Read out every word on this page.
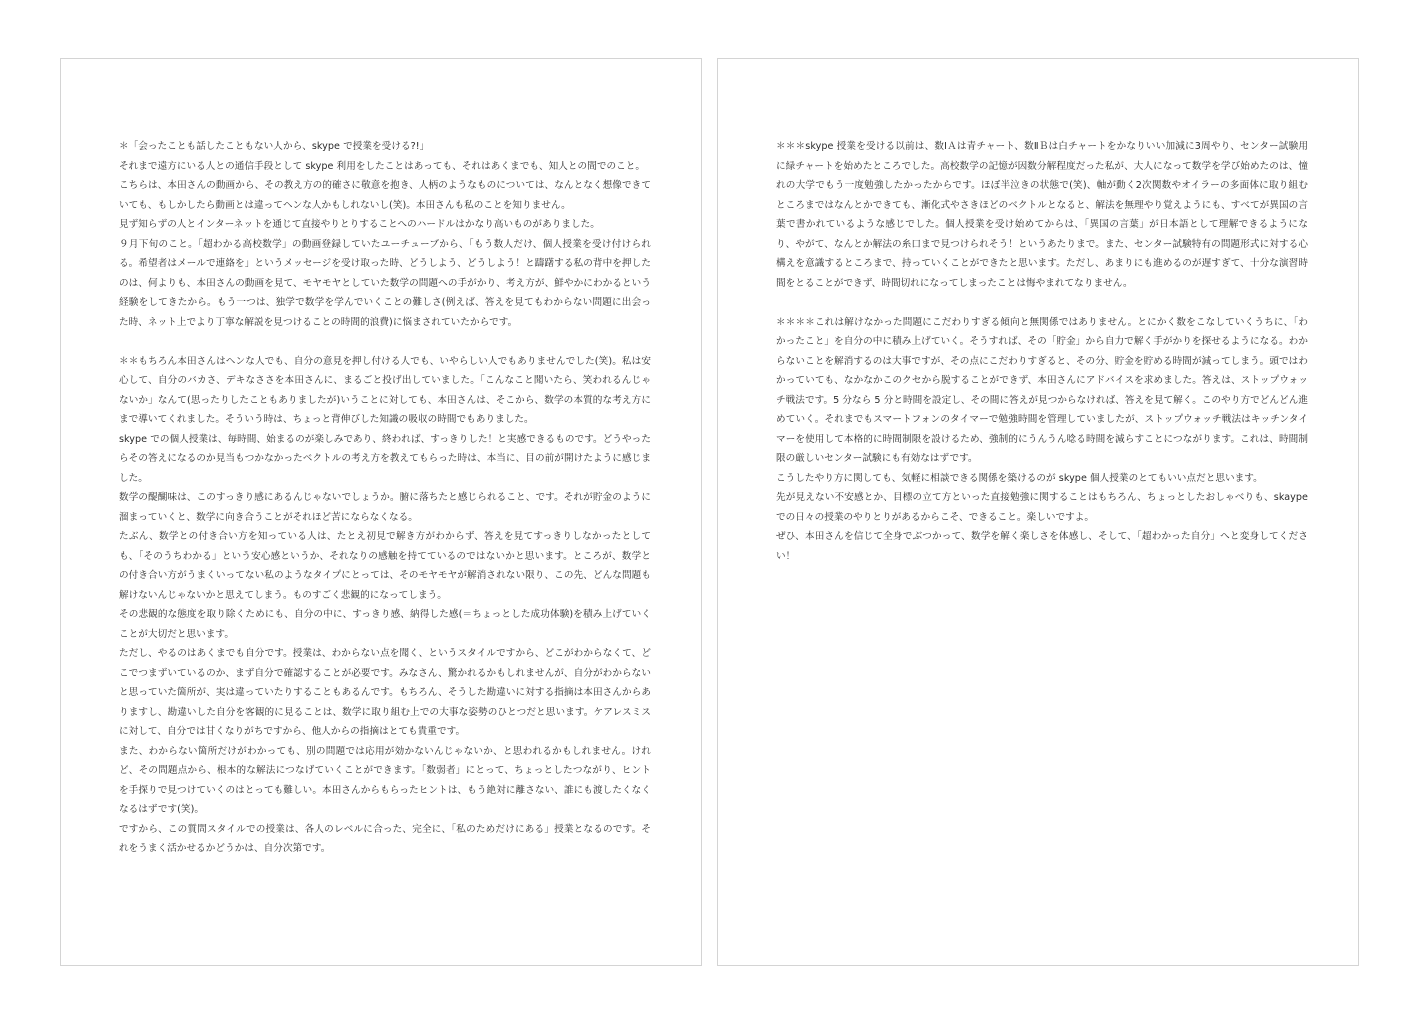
＊「会ったことも話したこともない人から、skype で授業を受ける?!」

それまで遠方にいる人との通信手段として skype 利用をしたことはあっても、それはあくまでも、知人との間でのこと。

こちらは、本田さんの動画から、その教え方の的確さに敬意を抱き、人柄のようなものについては、なんとなく想像できていても、もしかしたら動画とは違ってヘンな人かもしれないし(笑)。本田さんも私のことを知りません。

見ず知らずの人とインターネットを通じて直接やりとりすることへのハードルはかなり高いものがありました。

９月下旬のこと。「超わかる高校数学」の動画登録していたユーチューブから、「もう数人だけ、個人授業を受け付けられる。希望者はメールで連絡を」というメッセージを受け取った時、どうしよう、どうしよう！と躊躇する私の背中を押したのは、何よりも、本田さんの動画を見て、モヤモヤとしていた数学の問題への手がかり、考え方が、鮮やかにわかるという経験をしてきたから。もう一つは、独学で数学を学んでいくことの難しさ(例えば、答えを見てもわからない問題に出会った時、ネット上でより丁寧な解説を見つけることの時間的浪費)に悩まされていたからです。

＊＊もちろん本田さんはヘンな人でも、自分の意見を押し付ける人でも、いやらしい人でもありませんでした(笑)。私は安心して、自分のバカさ、デキなささを本田さんに、まるごと投げ出していました。「こんなこと聞いたら、笑われるんじゃないか」なんて(思ったりしたこともありましたが)いうことに対しても、本田さんは、そこから、数学の本質的な考え方にまで導いてくれました。そういう時は、ちょっと背伸びした知識の吸収の時間でもありました。

skype での個人授業は、毎時間、始まるのが楽しみであり、終われば、すっきりした！と実感できるものです。どうやったらその答えになるのか見当もつかなかったベクトルの考え方を教えてもらった時は、本当に、目の前が開けたように感じました。

数学の醍醐味は、このすっきり感にあるんじゃないでしょうか。腑に落ちたと感じられること、です。それが貯金のように溜まっていくと、数学に向き合うことがそれほど苦にならなくなる。

たぶん、数学との付き合い方を知っている人は、たとえ初見で解き方がわからず、答えを見てすっきりしなかったとしても、「そのうちわかる」という安心感というか、それなりの感触を持てているのではないかと思います。ところが、数学との付き合い方がうまくいってない私のようなタイプにとっては、そのモヤモヤが解消されない限り、この先、どんな問題も解けないんじゃないかと思えてしまう。ものすごく悲観的になってしまう。

その悲観的な態度を取り除くためにも、自分の中に、すっきり感、納得した感(＝ちょっとした成功体験)を積み上げていくことが大切だと思います。

ただし、やるのはあくまでも自分です。授業は、わからない点を聞く、というスタイルですから、どこがわからなくて、どこでつまずいているのか、まず自分で確認することが必要です。みなさん、驚かれるかもしれませんが、自分がわからないと思っていた箇所が、実は違っていたりすることもあるんです。もちろん、そうした勘違いに対する指摘は本田さんからありますし、勘違いした自分を客観的に見ることは、数学に取り組む上での大事な姿勢のひとつだと思います。ケアレスミスに対して、自分では甘くなりがちですから、他人からの指摘はとても貴重です。

また、わからない箇所だけがわかっても、別の問題では応用が効かないんじゃないか、と思われるかもしれません。けれど、その問題点から、根本的な解法につなげていくことができます。「数弱者」にとって、ちょっとしたつながり、ヒントを手探りで見つけていくのはとっても難しい。本田さんからもらったヒントは、もう絶対に離さない、誰にも渡したくなくなるはずです(笑)。

ですから、この質問スタイルでの授業は、各人のレベルに合った、完全に、「私のためだけにある」授業となるのです。それをうまく活かせるかどうかは、自分次第です。

＊＊＊skype 授業を受ける以前は、数ⅠＡは青チャート、数ⅡＢは白チャートをかなりいい加減に3周やり、センター試験用に緑チャートを始めたところでした。高校数学の記憶が因数分解程度だった私が、大人になって数学を学び始めたのは、憧れの大学でもう一度勉強したかったからです。ほぼ半泣きの状態で(笑)、軸が動く2次関数やオイラーの多面体に取り組むところまではなんとかできても、漸化式やさきほどのベクトルとなると、解法を無理やり覚えようにも、すべてが異国の言葉で書かれているような感じでした。個人授業を受け始めてからは、「異国の言葉」が日本語として理解できるようになり、やがて、なんとか解法の糸口まで見つけられそう！というあたりまで。また、センター試験特有の問題形式に対する心構えを意識するところまで、持っていくことができたと思います。ただし、あまりにも進めるのが遅すぎて、十分な演習時間をとることができず、時間切れになってしまったことは悔やまれてなりません。

＊＊＊＊これは解けなかった問題にこだわりすぎる傾向と無関係ではありません。とにかく数をこなしていくうちに、「わかったこと」を自分の中に積み上げていく。そうすれば、その「貯金」から自力で解く手がかりを探せるようになる。わからないことを解消するのは大事ですが、その点にこだわりすぎると、その分、貯金を貯める時間が減ってしまう。頭ではわかっていても、なかなかこのクセから脱することができず、本田さんにアドバイスを求めました。答えは、ストップウォッチ戦法です。5 分なら 5 分と時間を設定し、その間に答えが見つからなければ、答えを見て解く。このやり方でどんどん進めていく。それまでもスマートフォンのタイマーで勉強時間を管理していましたが、ストップウォッチ戦法はキッチンタイマーを使用して本格的に時間制限を設けるため、強制的にうんうん唸る時間を減らすことにつながります。これは、時間制限の厳しいセンター試験にも有効なはずです。

こうしたやり方に関しても、気軽に相談できる関係を築けるのが skype 個人授業のとてもいい点だと思います。

先が見えない不安感とか、目標の立て方といった直接勉強に関することはもちろん、ちょっとしたおしゃべりも、skaype での日々の授業のやりとりがあるからこそ、できること。楽しいですよ。

ぜひ、本田さんを信じて全身でぶつかって、数学を解く楽しさを体感し、そして、「超わかった自分」へと変身してください！
